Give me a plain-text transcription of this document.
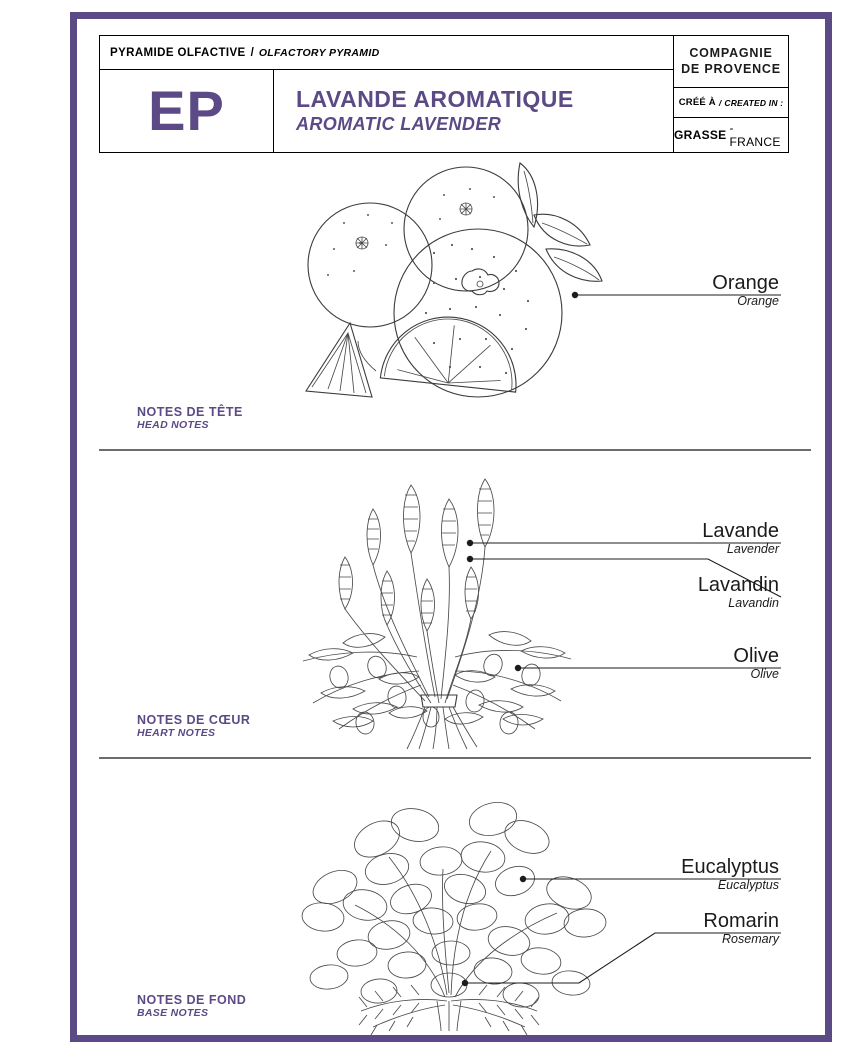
PYRAMIDE OLFACTIVE / OLFACTORY PYRAMID
EP	LAVANDE AROMATIQUE
AROMATIC LAVENDER
COMPAGNIE
DE PROVENCE
CRÉÉ À / CREATED IN :
GRASSE - FRANCE
Orange
Orange
NOTES DE TÊTE
HEAD NOTES
Lavande
Lavender
Lavandin
Lavandin
Olive
Olive
NOTES DE CŒUR
HEART NOTES
Eucalyptus
Eucalyptus
Romarin
Rosemary
NOTES DE FOND
BASE NOTES
